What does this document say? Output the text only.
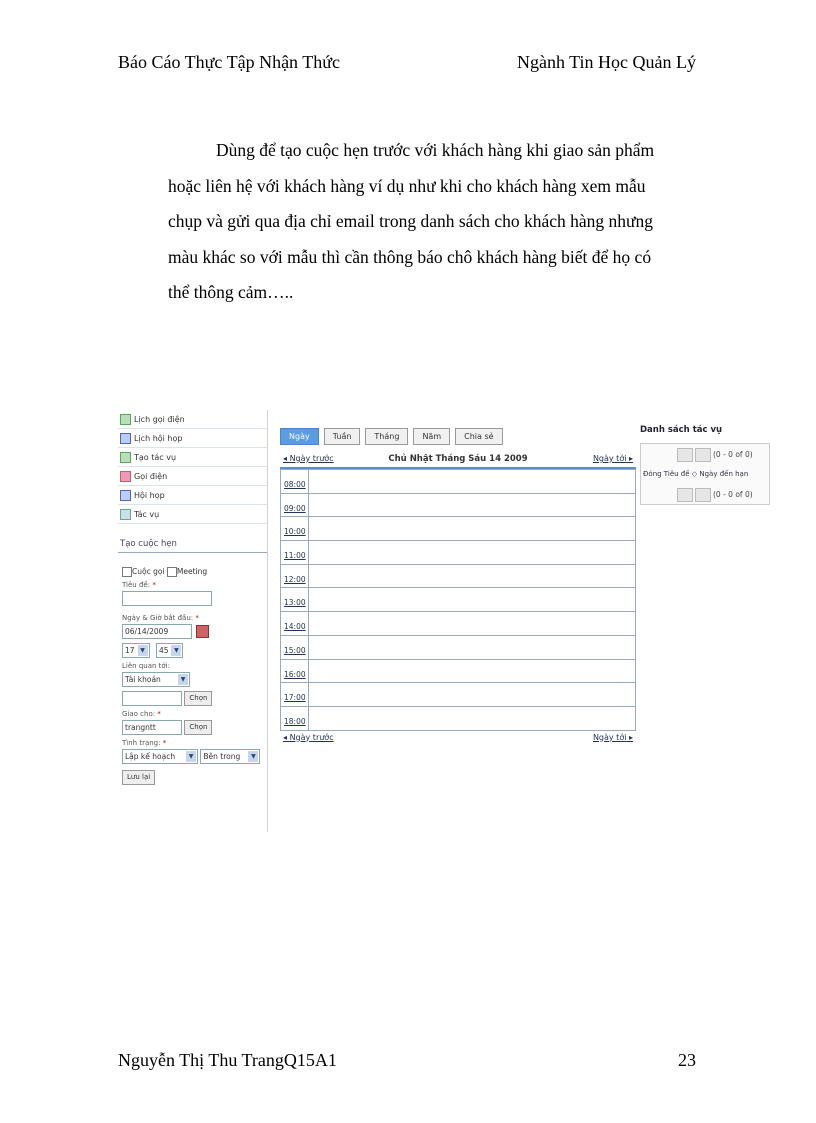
Báo Cáo Thực Tập Nhận Thức	Ngành Tin Học Quản Lý
Dùng để tạo cuộc hẹn trước với khách hàng khi giao sản phẩm
hoặc liên hệ với khách hàng ví dụ như khi cho khách hàng xem mẫu
chụp và gửi qua địa chỉ email trong danh sách cho khách hàng nhưng
màu khác so với mẫu thì cần thông báo chô khách hàng biết để họ có
thể thông cảm…..
Lịch gọi điện
Lịch hội họp
Tạo tác vụ
Gọi điện
Hội họp
Tác vụ
Tạo cuộc hẹn
Cuộc gọi Meeting
Tiêu đề: *
Ngày & Giờ bắt đầu: *
06/14/2009
17 ▼	45 ▼
Liên quan tới:
Tài khoản	▼
Chọn
Giao cho: *
trangntt	Chọn
Tình trạng: *
Lập kế hoạch	▼	Bên trong	▼
Lưu lại
Ngày	Tuần	Tháng	Năm	Chia sẻ
◂ Ngày trước	Chủ Nhật Tháng Sáu 14 2009	Ngày tới ▸
08:00
09:00
10:00
11:00
12:00
13:00
14:00
15:00
16:00
17:00
18:00
◂ Ngày trước	Ngày tới ▸
Danh sách tác vụ
(0 - 0 of 0)
Đóng Tiêu đề ◇ Ngày đến hạn
(0 - 0 of 0)
Nguyễn Thị Thu TrangQ15A1	23
